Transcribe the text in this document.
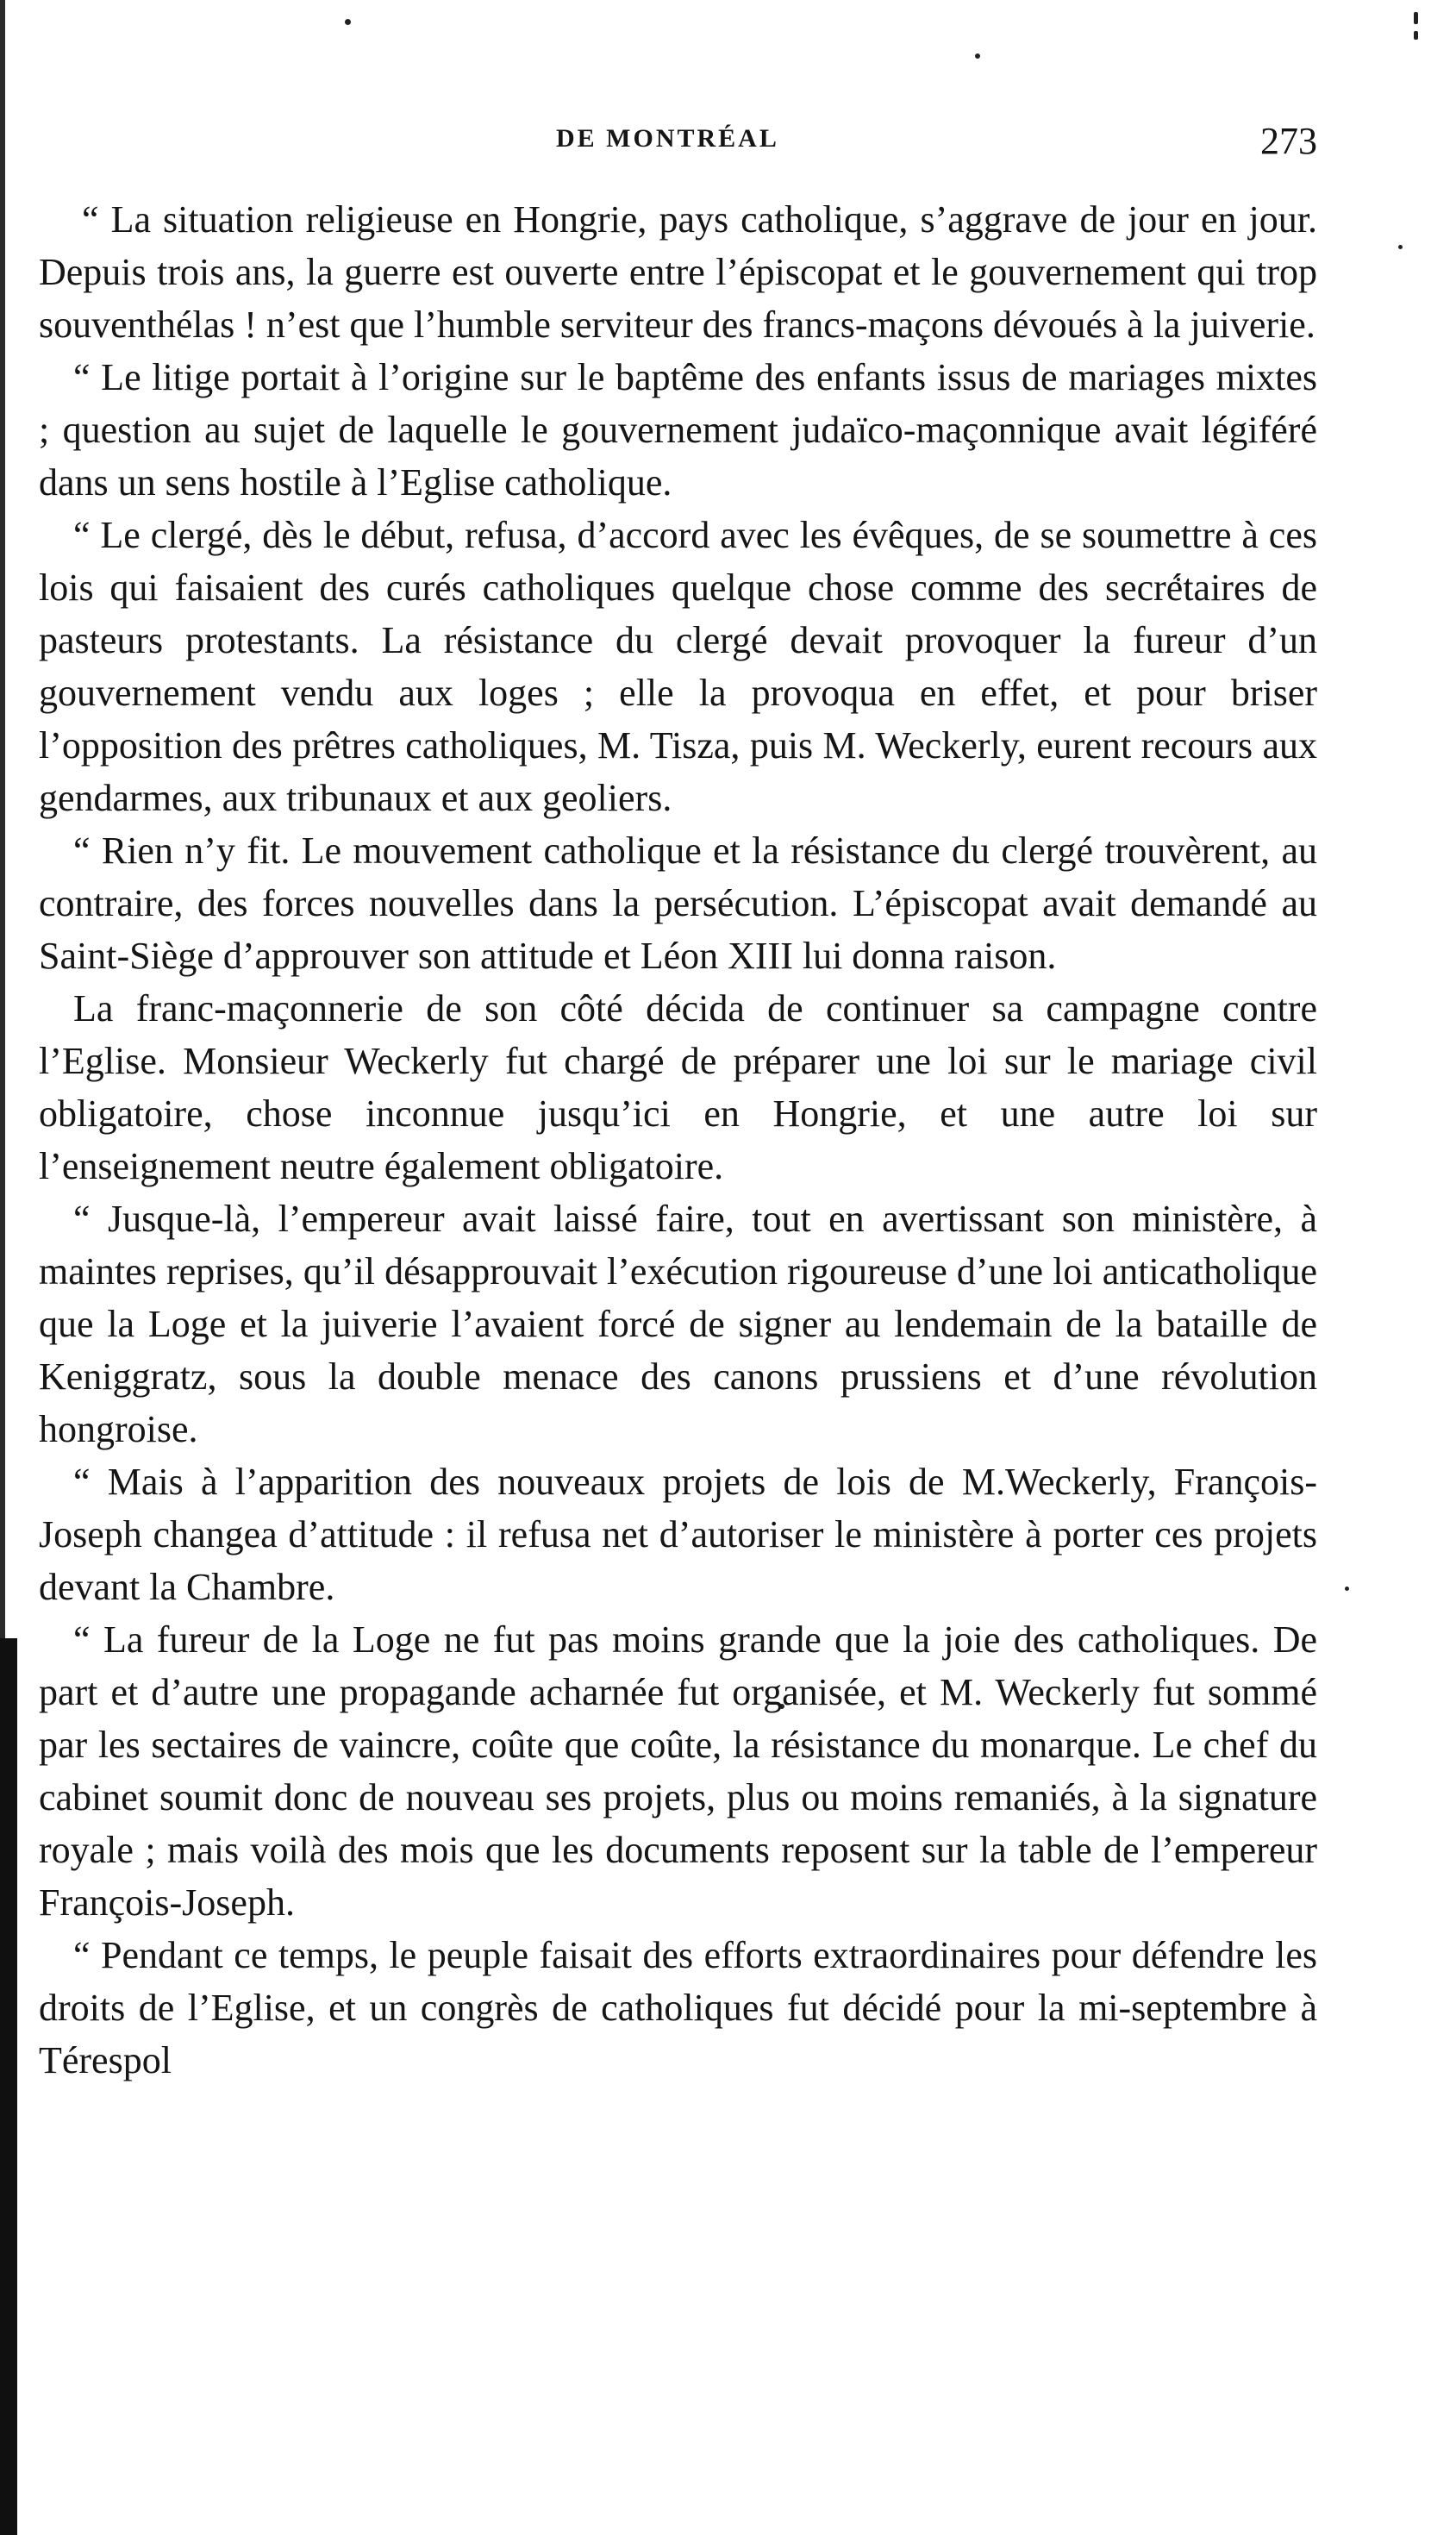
DE MONTRÉAL	273

“ La situation religieuse en Hongrie, pays catholique, s’aggrave de jour en jour. Depuis trois ans, la guerre est ouverte entre l’épiscopat et le gouvernement qui trop souventhélas ! n’est que l’humble serviteur des francs-maçons dévoués à la juiverie.

“ Le litige portait à l’origine sur le baptême des enfants issus de mariages mixtes ; question au sujet de laquelle le gouvernement judaïco-maçonnique avait légiféré dans un sens hostile à l’Eglise catholique.

“ Le clergé, dès le début, refusa, d’accord avec les évêques, de se soumettre à ces lois qui faisaient des curés catholiques quelque chose comme des secrétaires de pasteurs protestants. La résistance du clergé devait provoquer la fureur d’un gouvernement vendu aux loges ; elle la provoqua en effet, et pour briser l’opposition des prêtres catholiques, M. Tisza, puis M. Weckerly, eurent recours aux gendarmes, aux tribunaux et aux geoliers.

“ Rien n’y fit. Le mouvement catholique et la résistance du clergé trouvèrent, au contraire, des forces nouvelles dans la persécution. L’épiscopat avait demandé au Saint-Siège d’approuver son attitude et Léon XIII lui donna raison.

La franc-maçonnerie de son côté décida de continuer sa campagne contre l’Eglise. Monsieur Weckerly fut chargé de préparer une loi sur le mariage civil obligatoire, chose inconnue jusqu’ici en Hongrie, et une autre loi sur l’enseignement neutre également obligatoire.

“ Jusque-là, l’empereur avait laissé faire, tout en avertissant son ministère, à maintes reprises, qu’il désapprouvait l’exécution rigoureuse d’une loi anticatholique que la Loge et la juiverie l’avaient forcé de signer au lendemain de la bataille de Keniggratz, sous la double menace des canons prussiens et d’une révolution hongroise.

“ Mais à l’apparition des nouveaux projets de lois de M.Weckerly, François-Joseph changea d’attitude : il refusa net d’autoriser le ministère à porter ces projets devant la Chambre.

“ La fureur de la Loge ne fut pas moins grande que la joie des catholiques. De part et d’autre une propagande acharnée fut organisée, et M. Weckerly fut sommé par les sectaires de vaincre, coûte que coûte, la résistance du monarque. Le chef du cabinet soumit donc de nouveau ses projets, plus ou moins remaniés, à la signature royale ; mais voilà des mois que les documents reposent sur la table de l’empereur François-Joseph.

“ Pendant ce temps, le peuple faisait des efforts extraordinaires pour défendre les droits de l’Eglise, et un congrès de catholiques fut décidé pour la mi-septembre à Térespol
